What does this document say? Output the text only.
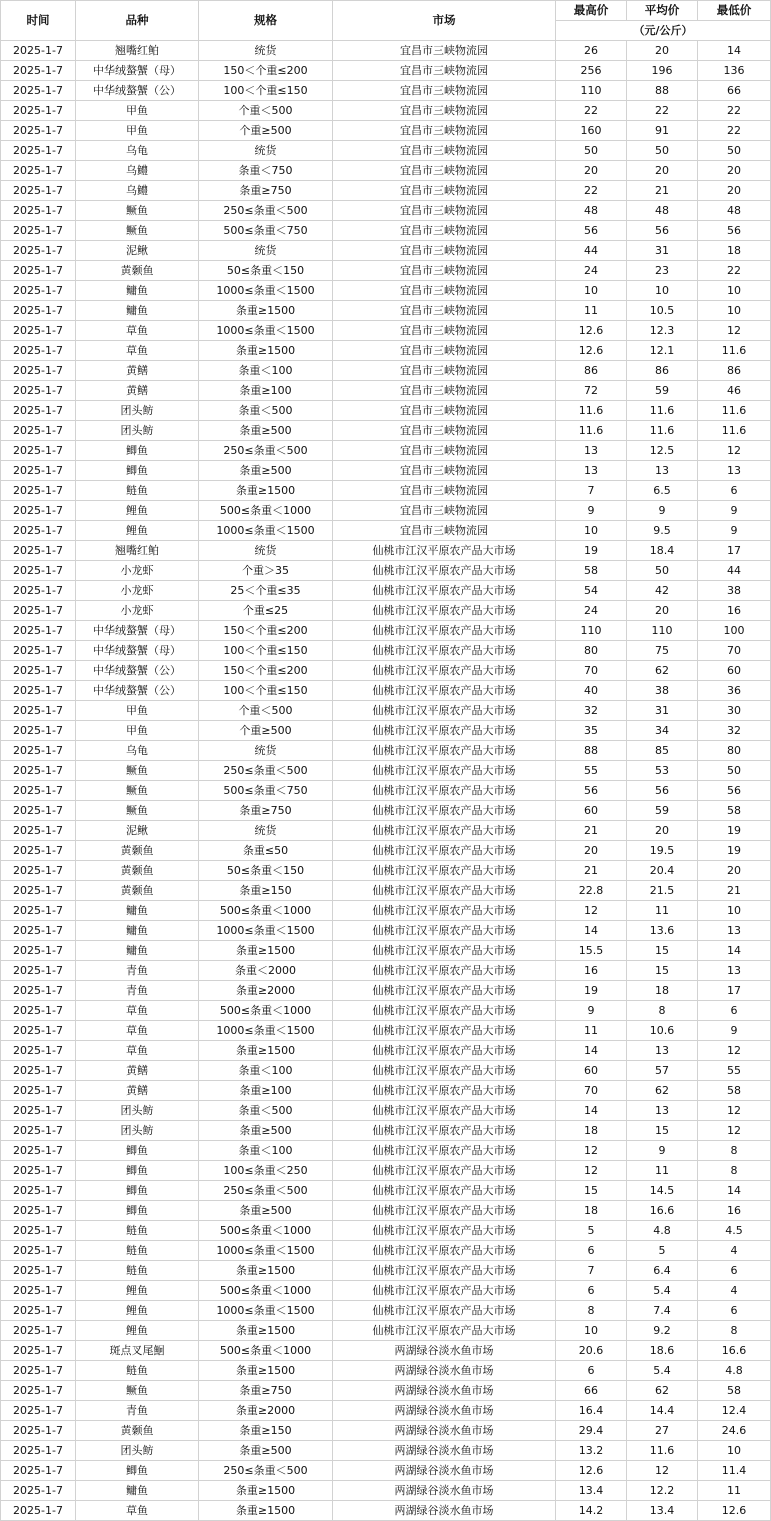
时间	品种	规格	市场	最高价	平均价	最低价
				（元/公斤）		
2025-1-7	翘嘴红鲌	统货	宜昌市三峡物流园	26	20	14
2025-1-7	中华绒螯蟹（母）	150＜个重≤200	宜昌市三峡物流园	256	196	136
2025-1-7	中华绒螯蟹（公）	100＜个重≤150	宜昌市三峡物流园	110	88	66
2025-1-7	甲鱼	个重＜500	宜昌市三峡物流园	22	22	22
2025-1-7	甲鱼	个重≥500	宜昌市三峡物流园	160	91	22
2025-1-7	乌龟	统货	宜昌市三峡物流园	50	50	50
2025-1-7	乌鳢	条重＜750	宜昌市三峡物流园	20	20	20
2025-1-7	乌鳢	条重≥750	宜昌市三峡物流园	22	21	20
2025-1-7	鳜鱼	250≤条重＜500	宜昌市三峡物流园	48	48	48
2025-1-7	鳜鱼	500≤条重＜750	宜昌市三峡物流园	56	56	56
2025-1-7	泥鳅	统货	宜昌市三峡物流园	44	31	18
2025-1-7	黄颡鱼	50≤条重＜150	宜昌市三峡物流园	24	23	22
2025-1-7	鳙鱼	1000≤条重＜1500	宜昌市三峡物流园	10	10	10
2025-1-7	鳙鱼	条重≥1500	宜昌市三峡物流园	11	10.5	10
2025-1-7	草鱼	1000≤条重＜1500	宜昌市三峡物流园	12.6	12.3	12
2025-1-7	草鱼	条重≥1500	宜昌市三峡物流园	12.6	12.1	11.6
2025-1-7	黄鳝	条重＜100	宜昌市三峡物流园	86	86	86
2025-1-7	黄鳝	条重≥100	宜昌市三峡物流园	72	59	46
2025-1-7	团头鲂	条重＜500	宜昌市三峡物流园	11.6	11.6	11.6
2025-1-7	团头鲂	条重≥500	宜昌市三峡物流园	11.6	11.6	11.6
2025-1-7	鲫鱼	250≤条重＜500	宜昌市三峡物流园	13	12.5	12
2025-1-7	鲫鱼	条重≥500	宜昌市三峡物流园	13	13	13
2025-1-7	鲢鱼	条重≥1500	宜昌市三峡物流园	7	6.5	6
2025-1-7	鲤鱼	500≤条重＜1000	宜昌市三峡物流园	9	9	9
2025-1-7	鲤鱼	1000≤条重＜1500	宜昌市三峡物流园	10	9.5	9
2025-1-7	翘嘴红鲌	统货	仙桃市江汉平原农产品大市场	19	18.4	17
2025-1-7	小龙虾	个重＞35	仙桃市江汉平原农产品大市场	58	50	44
2025-1-7	小龙虾	25＜个重≤35	仙桃市江汉平原农产品大市场	54	42	38
2025-1-7	小龙虾	个重≤25	仙桃市江汉平原农产品大市场	24	20	16
2025-1-7	中华绒螯蟹（母）	150＜个重≤200	仙桃市江汉平原农产品大市场	110	110	100
2025-1-7	中华绒螯蟹（母）	100＜个重≤150	仙桃市江汉平原农产品大市场	80	75	70
2025-1-7	中华绒螯蟹（公）	150＜个重≤200	仙桃市江汉平原农产品大市场	70	62	60
2025-1-7	中华绒螯蟹（公）	100＜个重≤150	仙桃市江汉平原农产品大市场	40	38	36
2025-1-7	甲鱼	个重＜500	仙桃市江汉平原农产品大市场	32	31	30
2025-1-7	甲鱼	个重≥500	仙桃市江汉平原农产品大市场	35	34	32
2025-1-7	乌龟	统货	仙桃市江汉平原农产品大市场	88	85	80
2025-1-7	鳜鱼	250≤条重＜500	仙桃市江汉平原农产品大市场	55	53	50
2025-1-7	鳜鱼	500≤条重＜750	仙桃市江汉平原农产品大市场	56	56	56
2025-1-7	鳜鱼	条重≥750	仙桃市江汉平原农产品大市场	60	59	58
2025-1-7	泥鳅	统货	仙桃市江汉平原农产品大市场	21	20	19
2025-1-7	黄颡鱼	条重≤50	仙桃市江汉平原农产品大市场	20	19.5	19
2025-1-7	黄颡鱼	50≤条重＜150	仙桃市江汉平原农产品大市场	21	20.4	20
2025-1-7	黄颡鱼	条重≥150	仙桃市江汉平原农产品大市场	22.8	21.5	21
2025-1-7	鳙鱼	500≤条重＜1000	仙桃市江汉平原农产品大市场	12	11	10
2025-1-7	鳙鱼	1000≤条重＜1500	仙桃市江汉平原农产品大市场	14	13.6	13
2025-1-7	鳙鱼	条重≥1500	仙桃市江汉平原农产品大市场	15.5	15	14
2025-1-7	青鱼	条重＜2000	仙桃市江汉平原农产品大市场	16	15	13
2025-1-7	青鱼	条重≥2000	仙桃市江汉平原农产品大市场	19	18	17
2025-1-7	草鱼	500≤条重＜1000	仙桃市江汉平原农产品大市场	9	8	6
2025-1-7	草鱼	1000≤条重＜1500	仙桃市江汉平原农产品大市场	11	10.6	9
2025-1-7	草鱼	条重≥1500	仙桃市江汉平原农产品大市场	14	13	12
2025-1-7	黄鳝	条重＜100	仙桃市江汉平原农产品大市场	60	57	55
2025-1-7	黄鳝	条重≥100	仙桃市江汉平原农产品大市场	70	62	58
2025-1-7	团头鲂	条重＜500	仙桃市江汉平原农产品大市场	14	13	12
2025-1-7	团头鲂	条重≥500	仙桃市江汉平原农产品大市场	18	15	12
2025-1-7	鲫鱼	条重＜100	仙桃市江汉平原农产品大市场	12	9	8
2025-1-7	鲫鱼	100≤条重＜250	仙桃市江汉平原农产品大市场	12	11	8
2025-1-7	鲫鱼	250≤条重＜500	仙桃市江汉平原农产品大市场	15	14.5	14
2025-1-7	鲫鱼	条重≥500	仙桃市江汉平原农产品大市场	18	16.6	16
2025-1-7	鲢鱼	500≤条重＜1000	仙桃市江汉平原农产品大市场	5	4.8	4.5
2025-1-7	鲢鱼	1000≤条重＜1500	仙桃市江汉平原农产品大市场	6	5	4
2025-1-7	鲢鱼	条重≥1500	仙桃市江汉平原农产品大市场	7	6.4	6
2025-1-7	鲤鱼	500≤条重＜1000	仙桃市江汉平原农产品大市场	6	5.4	4
2025-1-7	鲤鱼	1000≤条重＜1500	仙桃市江汉平原农产品大市场	8	7.4	6
2025-1-7	鲤鱼	条重≥1500	仙桃市江汉平原农产品大市场	10	9.2	8
2025-1-7	斑点叉尾鮰	500≤条重＜1000	两湖绿谷淡水鱼市场	20.6	18.6	16.6
2025-1-7	鲢鱼	条重≥1500	两湖绿谷淡水鱼市场	6	5.4	4.8
2025-1-7	鳜鱼	条重≥750	两湖绿谷淡水鱼市场	66	62	58
2025-1-7	青鱼	条重≥2000	两湖绿谷淡水鱼市场	16.4	14.4	12.4
2025-1-7	黄颡鱼	条重≥150	两湖绿谷淡水鱼市场	29.4	27	24.6
2025-1-7	团头鲂	条重≥500	两湖绿谷淡水鱼市场	13.2	11.6	10
2025-1-7	鲫鱼	250≤条重＜500	两湖绿谷淡水鱼市场	12.6	12	11.4
2025-1-7	鳙鱼	条重≥1500	两湖绿谷淡水鱼市场	13.4	12.2	11
2025-1-7	草鱼	条重≥1500	两湖绿谷淡水鱼市场	14.2	13.4	12.6
